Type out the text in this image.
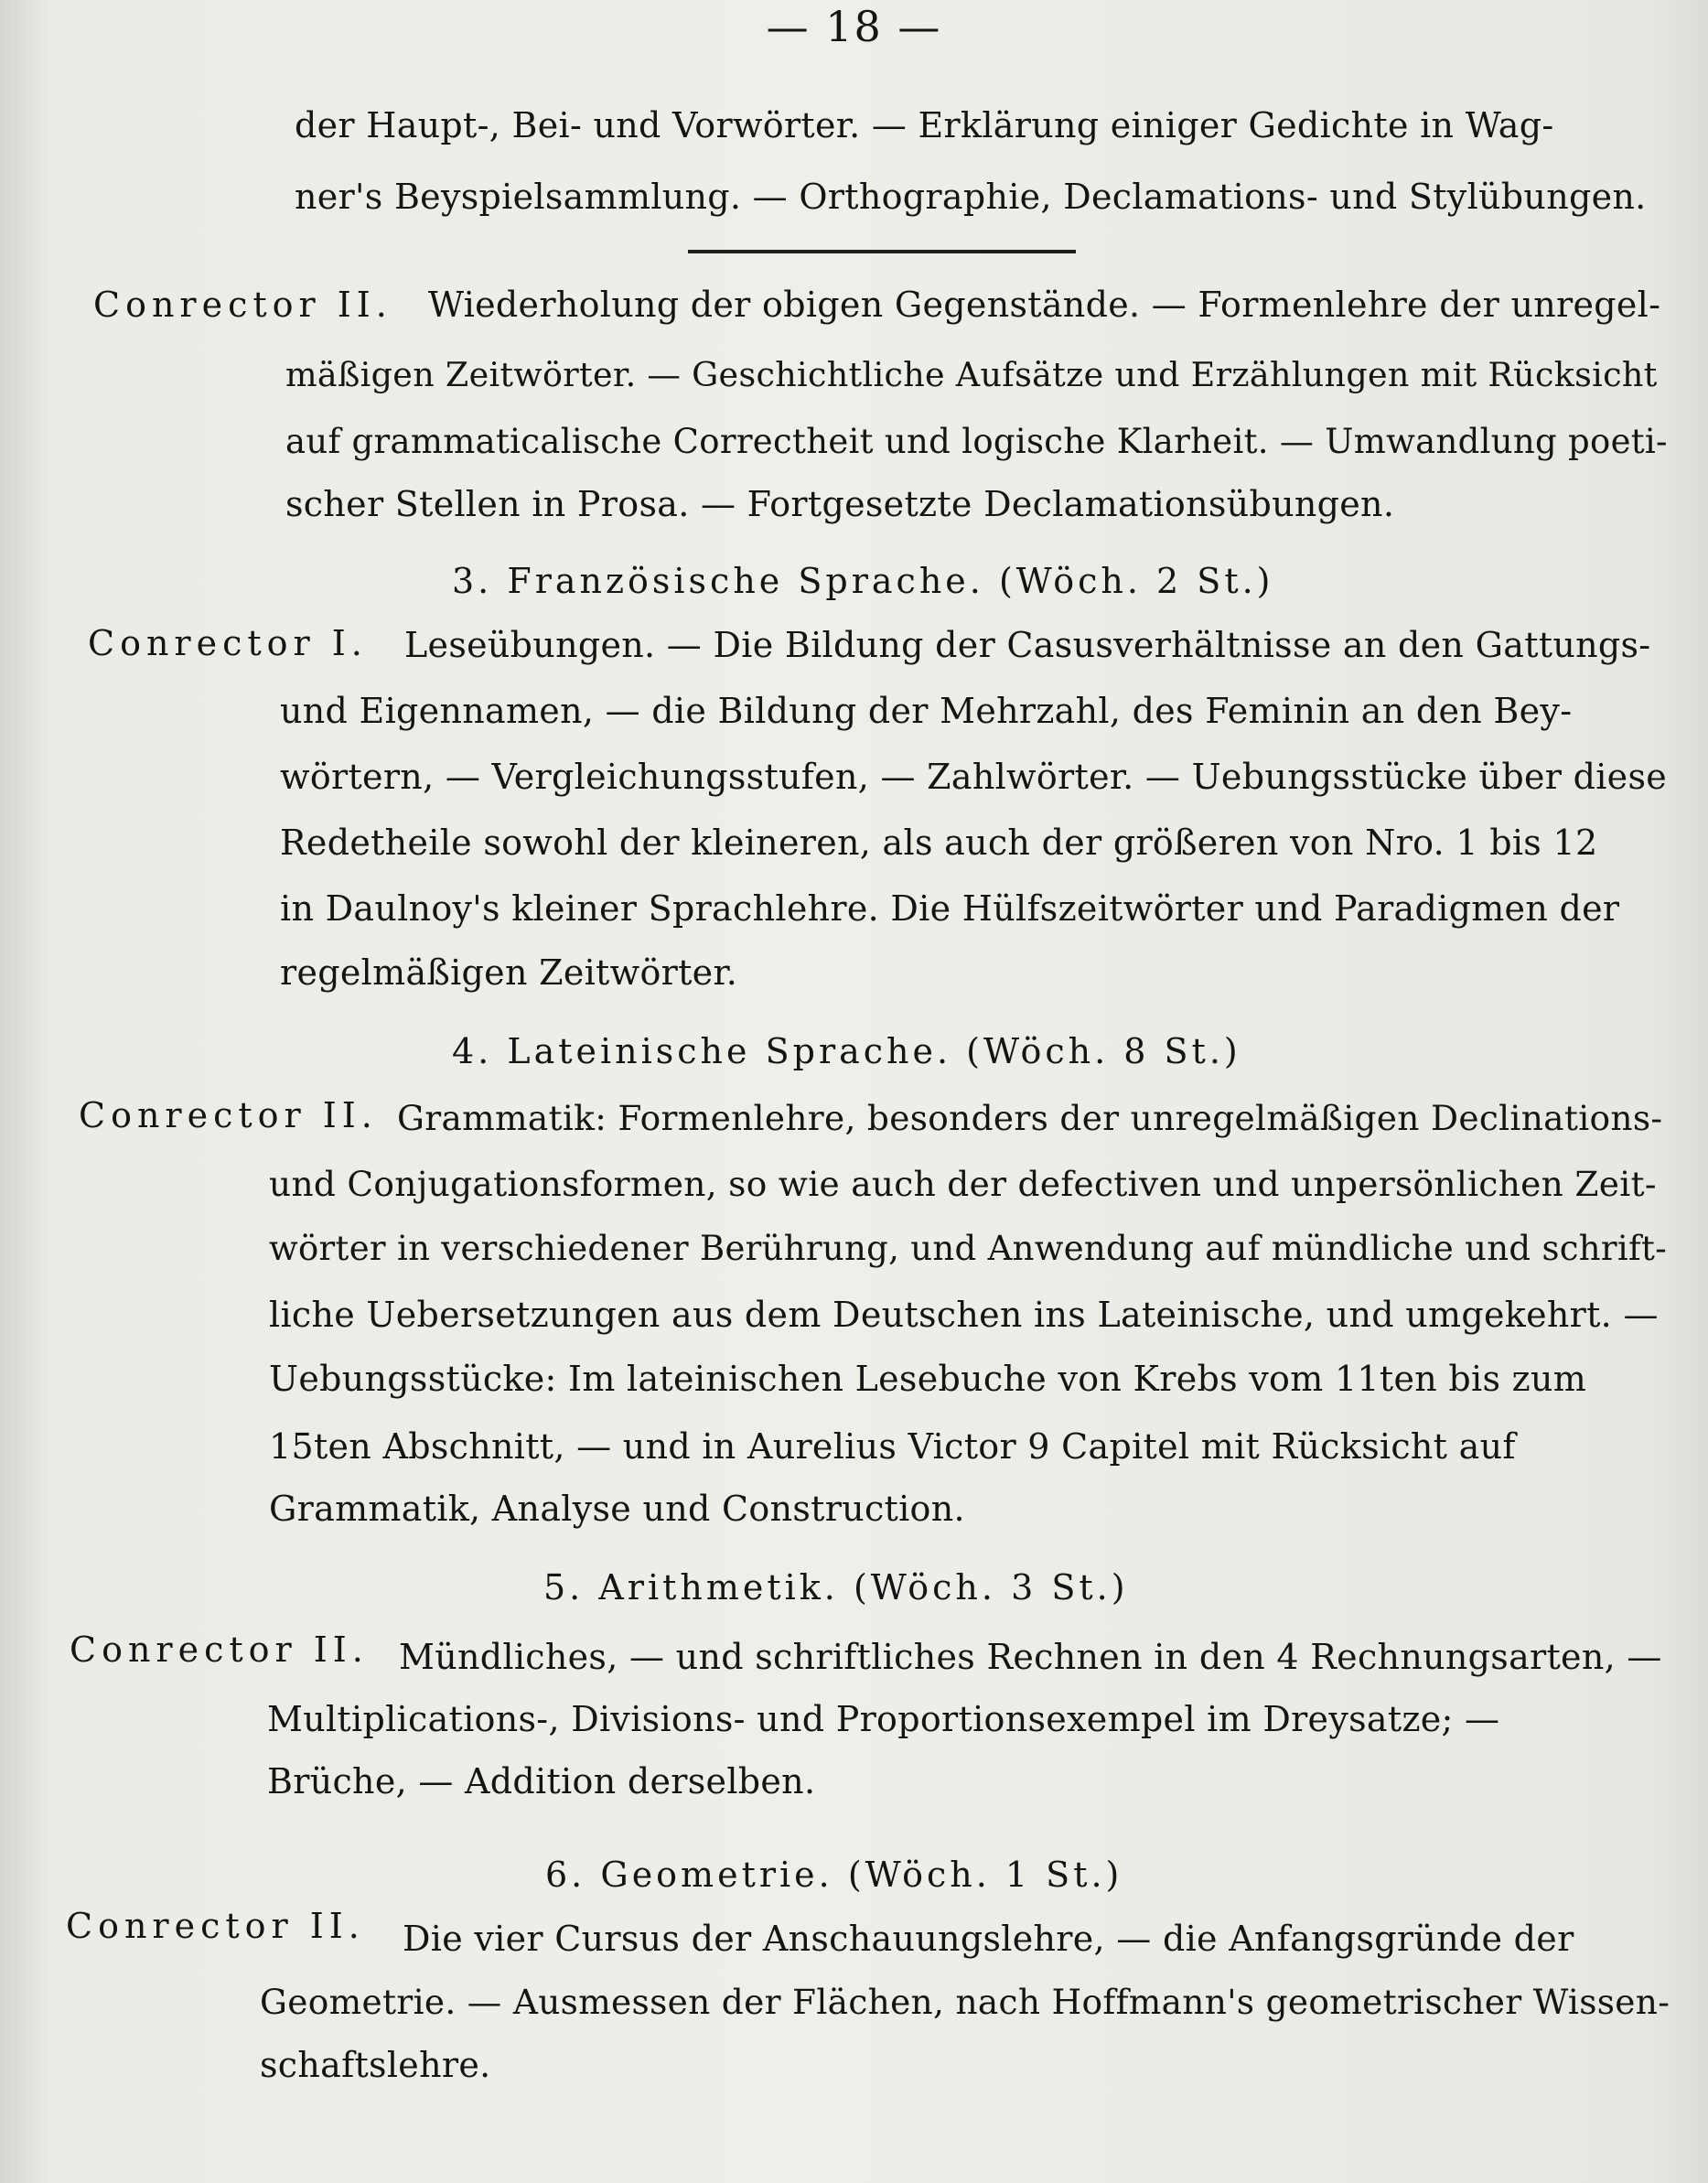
— 18 —
der Haupt-, Bei- und Vorwörter. — Erklärung einiger Gedichte in Wag-
ner's Beyspielsammlung. — Orthographie, Declamations- und Stylübungen.
Conrector II. Wiederholung der obigen Gegenstände. — Formenlehre der unregel-
mäßigen Zeitwörter. — Geschichtliche Aufsätze und Erzählungen mit Rücksicht
auf grammaticalische Correctheit und logische Klarheit. — Umwandlung poeti-
scher Stellen in Prosa. — Fortgesetzte Declamationsübungen.
3. Französische Sprache. (Wöch. 2 St.)
Conrector I. Leseübungen. — Die Bildung der Casusverhältnisse an den Gattungs-
und Eigennamen, — die Bildung der Mehrzahl, des Feminin an den Bey-
wörtern, — Vergleichungsstufen, — Zahlwörter. — Uebungsstücke über diese
Redetheile sowohl der kleineren, als auch der größeren von Nro. 1 bis 12
in Daulnoy's kleiner Sprachlehre. Die Hülfszeitwörter und Paradigmen der
regelmäßigen Zeitwörter.
4. Lateinische Sprache. (Wöch. 8 St.)
Conrector II. Grammatik: Formenlehre, besonders der unregelmäßigen Declinations-
und Conjugationsformen, so wie auch der defectiven und unpersönlichen Zeit-
wörter in verschiedener Berührung, und Anwendung auf mündliche und schrift-
liche Uebersetzungen aus dem Deutschen ins Lateinische, und umgekehrt. —
Uebungsstücke: Im lateinischen Lesebuche von Krebs vom 11ten bis zum
15ten Abschnitt, — und in Aurelius Victor 9 Capitel mit Rücksicht auf
Grammatik, Analyse und Construction.
5. Arithmetik. (Wöch. 3 St.)
Conrector II. Mündliches, — und schriftliches Rechnen in den 4 Rechnungsarten, —
Multiplications-, Divisions- und Proportionsexempel im Dreysatze; —
Brüche, — Addition derselben.
6. Geometrie. (Wöch. 1 St.)
Conrector II. Die vier Cursus der Anschauungslehre, — die Anfangsgründe der
Geometrie. — Ausmessen der Flächen, nach Hoffmann's geometrischer Wissen-
schaftslehre.
